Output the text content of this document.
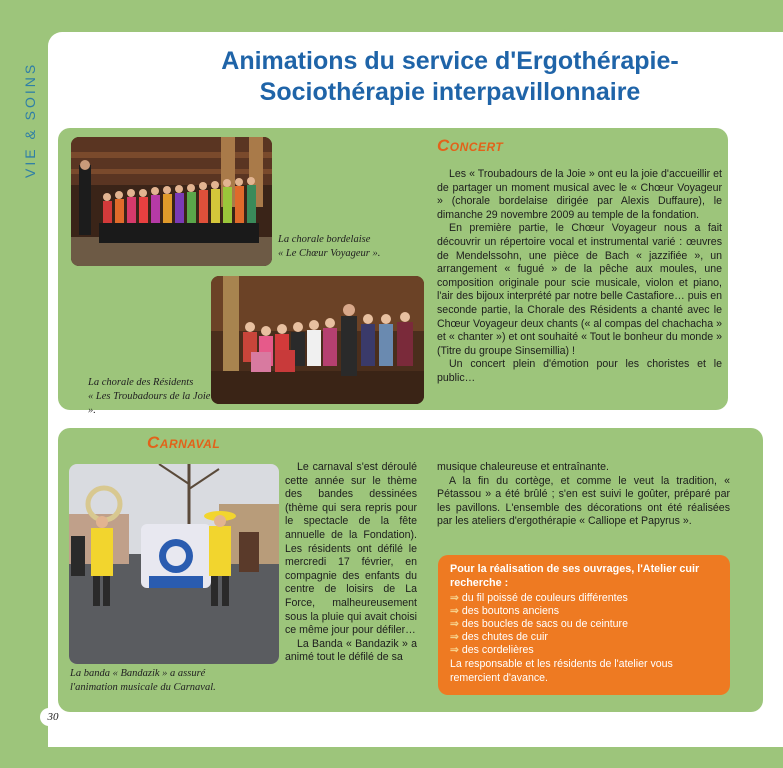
VIE & SOINS
Animations du service d'Ergothérapie-
Sociothérapie interpavillonnaire
La chorale bordelaise
« Le Chœur Voyageur ».
La chorale des Résidents
« Les Troubadours de la Joie ».
Concert

Les « Troubadours de la Joie » ont eu la joie d'accueillir et de partager un moment musical avec le « Chœur Voyageur » (chorale bordelaise dirigée par Alexis Duffaure), le dimanche 29 novembre 2009 au temple de la fondation.

En première partie, le Chœur Voyageur nous a fait découvrir un répertoire vocal et instrumental varié : œuvres de Mendelssohn, une pièce de Bach « jazzifiée », un arrangement « fugué » de la pêche aux moules, une composition originale pour scie musicale, violon et piano, l'air des bijoux interprété par notre belle Castafiore… puis en seconde partie, la Chorale des Résidents a chanté avec le Chœur Voyageur deux chants (« al compas del chachacha » et « chanter ») et ont souhaité « Tout le bonheur du monde » (Titre du groupe Sinsemillia) !

Un concert plein d'émotion pour les choristes et le public…

Carnaval
La banda « Bandazik » a assuré
l'animation musicale du Carnaval.

Le carnaval s'est déroulé cette année sur le thème des bandes dessinées (thème qui sera repris pour le spectacle de la fête annuelle de la Fondation). Les résidents ont défilé le mercredi 17 février, en compagnie des enfants du centre de loisirs de La Force, malheureusement sous la pluie qui avait choisi ce même jour pour défiler…

La Banda « Bandazik » a animé tout le défilé de sa

musique chaleureuse et entraînante.

A la fin du cortège, et comme le veut la tradition, « Pétassou » a été brûlé ; s'en est suivi le goûter, préparé par les pavillons. L'ensemble des décorations ont été réalisées par les ateliers d'ergothérapie « Calliope et Papyrus ».

Pour la réalisation de ses ouvrages, l'Atelier cuir recherche :
⇒ du fil poissé de couleurs différentes
⇒ des boutons anciens
⇒ des boucles de sacs ou de ceinture
⇒ des chutes de cuir
⇒ des cordelières
La responsable et les résidents de l'atelier vous remercient d'avance.
30
